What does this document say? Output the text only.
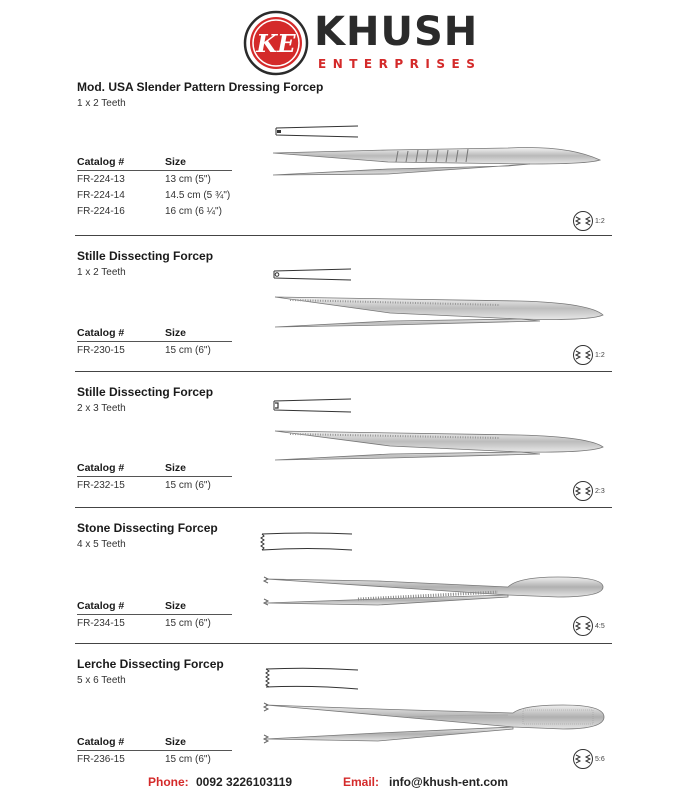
KE KHUSH
ENTERPRISES
Mod. USA Slender Pattern Dressing Forcep
1 x 2 Teeth
Catalog #	Size
FR-224-13	13 cm (5")
FR-224-14	14.5 cm (5 ¾")
FR-224-16	16 cm (6 ¼")
1:2
Stille Dissecting Forcep
1 x 2 Teeth
Catalog #	Size
FR-230-15	15 cm (6")	1:2
Stille Dissecting Forcep
2 x 3 Teeth
Catalog #	Size
FR-232-15	15 cm (6")
2:3
Stone Dissecting Forcep
4 x 5 Teeth
Catalog #	Size
FR-234-15	15 cm (6")	4:5
Lerche Dissecting Forcep
5 x 6 Teeth
Catalog #	Size
FR-236-15	15 cm (6")	5:6
Phone: 0092 3226103119	Email: info@khush-ent.com
